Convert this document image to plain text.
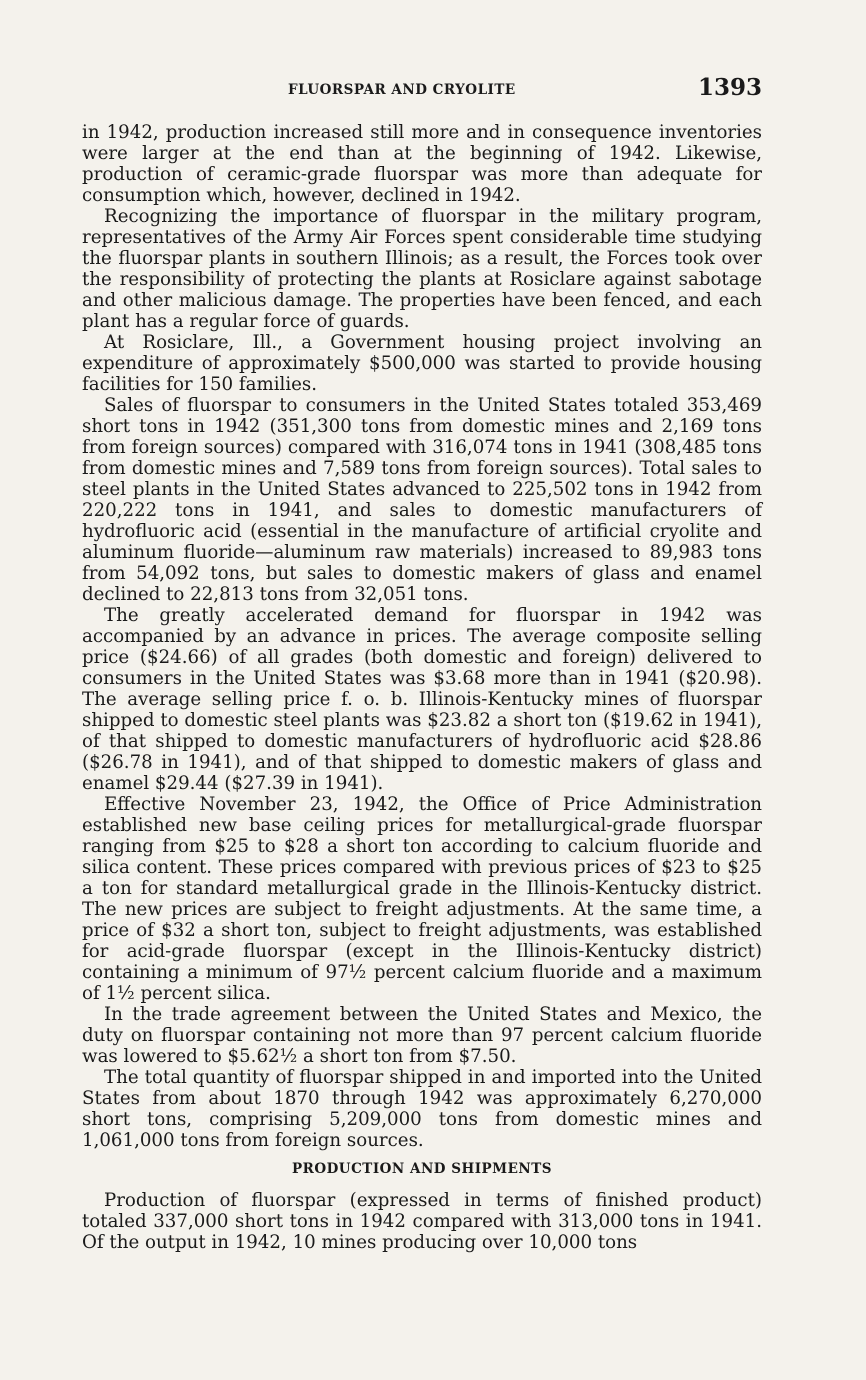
FLUORSPAR AND CRYOLITE	1393

in 1942, production increased still more and in consequence inventories were larger at the end than at the beginning of 1942. Likewise, production of ceramic-grade fluorspar was more than adequate for consumption which, however, declined in 1942.

Recognizing the importance of fluorspar in the military program, representatives of the Army Air Forces spent considerable time studying the fluorspar plants in southern Illinois; as a result, the Forces took over the responsibility of protecting the plants at Rosiclare against sabotage and other malicious damage. The properties have been fenced, and each plant has a regular force of guards.

At Rosiclare, Ill., a Government housing project involving an expenditure of approximately $500,000 was started to provide housing facilities for 150 families.

Sales of fluorspar to consumers in the United States totaled 353,469 short tons in 1942 (351,300 tons from domestic mines and 2,169 tons from foreign sources) compared with 316,074 tons in 1941 (308,485 tons from domestic mines and 7,589 tons from foreign sources). Total sales to steel plants in the United States advanced to 225,502 tons in 1942 from 220,222 tons in 1941, and sales to domestic manufacturers of hydrofluoric acid (essential in the manufacture of artificial cryolite and aluminum fluoride—aluminum raw materials) increased to 89,983 tons from 54,092 tons, but sales to domestic makers of glass and enamel declined to 22,813 tons from 32,051 tons.

The greatly accelerated demand for fluorspar in 1942 was accompanied by an advance in prices. The average composite selling price ($24.66) of all grades (both domestic and foreign) delivered to consumers in the United States was $3.68 more than in 1941 ($20.98). The average selling price f. o. b. Illinois-Kentucky mines of fluorspar shipped to domestic steel plants was $23.82 a short ton ($19.62 in 1941), of that shipped to domestic manufacturers of hydrofluoric acid $28.86 ($26.78 in 1941), and of that shipped to domestic makers of glass and enamel $29.44 ($27.39 in 1941).

Effective November 23, 1942, the Office of Price Administration established new base ceiling prices for metallurgical-grade fluorspar ranging from $25 to $28 a short ton according to calcium fluoride and silica content. These prices compared with previous prices of $23 to $25 a ton for standard metallurgical grade in the Illinois-Kentucky district. The new prices are subject to freight adjustments. At the same time, a price of $32 a short ton, subject to freight adjustments, was established for acid-grade fluorspar (except in the Illinois-Kentucky district) containing a minimum of 97½ percent calcium fluoride and a maximum of 1½ percent silica.

In the trade agreement between the United States and Mexico, the duty on fluorspar containing not more than 97 percent calcium fluoride was lowered to $5.62½ a short ton from $7.50.

The total quantity of fluorspar shipped in and imported into the United States from about 1870 through 1942 was approximately 6,270,000 short tons, comprising 5,209,000 tons from domestic mines and 1,061,000 tons from foreign sources.

PRODUCTION AND SHIPMENTS

Production of fluorspar (expressed in terms of finished product) totaled 337,000 short tons in 1942 compared with 313,000 tons in 1941. Of the output in 1942, 10 mines producing over 10,000 tons
